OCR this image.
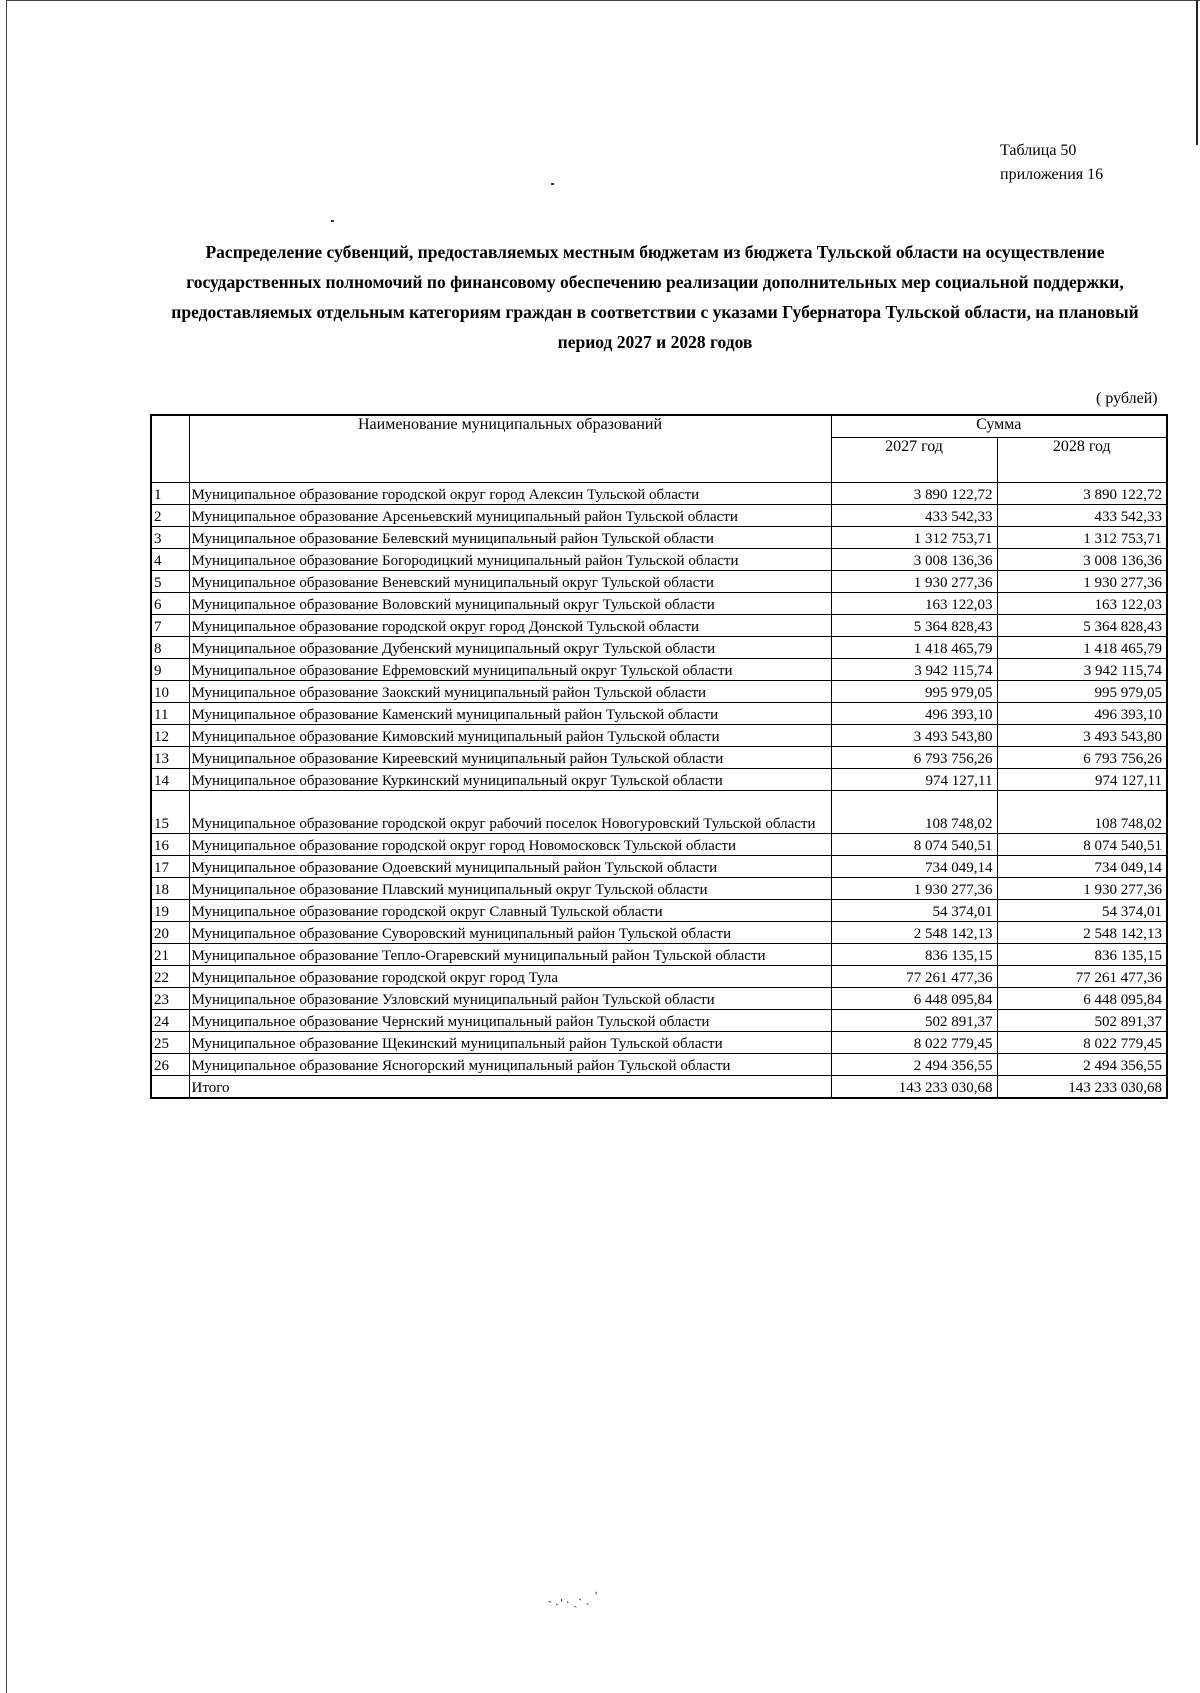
Таблица 50
приложения 16

Распределение субвенций, предоставляемых местным бюджетам из бюджета Тульской области на осуществление государственных полномочий по финансовому обеспечению реализации дополнительных мер социальной поддержки, предоставляемых отдельным категориям граждан в соответствии с указами Губернатора Тульской области, на плановый период 2027 и 2028 годов

( рублей)
	Наименование муниципальных образований	Сумма	
		2027 год	2028 год
1	Муниципальное образование городской округ город Алексин Тульской области	3 890 122,72	3 890 122,72
2	Муниципальное образование Арсеньевский муниципальный район Тульской области	433 542,33	433 542,33
3	Муниципальное образование Белевский муниципальный район Тульской области	1 312 753,71	1 312 753,71
4	Муниципальное образование Богородицкий муниципальный район Тульской области	3 008 136,36	3 008 136,36
5	Муниципальное образование Веневский муниципальный округ Тульской области	1 930 277,36	1 930 277,36
6	Муниципальное образование Воловский муниципальный округ Тульской области	163 122,03	163 122,03
7	Муниципальное образование городской округ город Донской Тульской области	5 364 828,43	5 364 828,43
8	Муниципальное образование Дубенский муниципальный округ Тульской области	1 418 465,79	1 418 465,79
9	Муниципальное образование Ефремовский муниципальный округ Тульской области	3 942 115,74	3 942 115,74
10	Муниципальное образование Заокский муниципальный район Тульской области	995 979,05	995 979,05
11	Муниципальное образование Каменский муниципальный район Тульской области	496 393,10	496 393,10
12	Муниципальное образование Кимовский муниципальный район Тульской области	3 493 543,80	3 493 543,80
13	Муниципальное образование Киреевский муниципальный район Тульской области	6 793 756,26	6 793 756,26
14	Муниципальное образование Куркинский муниципальный округ Тульской области	974 127,11	974 127,11
15	Муниципальное образование городской округ рабочий поселок Новогуровский Тульской области	108 748,02	108 748,02
16	Муниципальное образование городской округ город Новомосковск Тульской области	8 074 540,51	8 074 540,51
17	Муниципальное образование Одоевский муниципальный район Тульской области	734 049,14	734 049,14
18	Муниципальное образование Плавский муниципальный округ Тульской области	1 930 277,36	1 930 277,36
19	Муниципальное образование городской округ Славный Тульской области	54 374,01	54 374,01
20	Муниципальное образование Суворовский муниципальный район Тульской области	2 548 142,13	2 548 142,13
21	Муниципальное образование Тепло-Огаревский муниципальный район Тульской области	836 135,15	836 135,15
22	Муниципальное образование городской округ город Тула	77 261 477,36	77 261 477,36
23	Муниципальное образование Узловский муниципальный район Тульской области	6 448 095,84	6 448 095,84
24	Муниципальное образование Чернский муниципальный район Тульской области	502 891,37	502 891,37
25	Муниципальное образование Щекинский муниципальный район Тульской области	8 022 779,45	8 022 779,45
26	Муниципальное образование Ясногорский муниципальный район Тульской области	2 494 356,55	2 494 356,55
	Итого	143 233 030,68	143 233 030,68
ˋ·ʹ·ˎ·ˏ ʹ
